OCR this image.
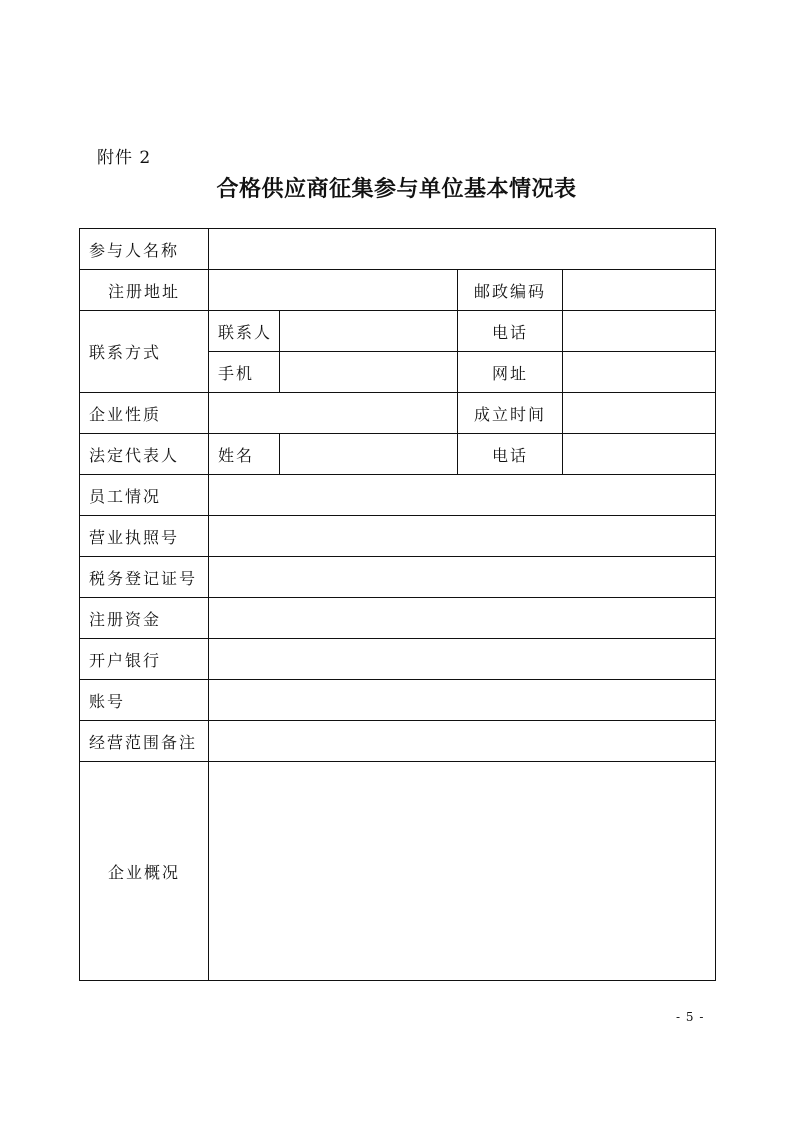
附件 2
合格供应商征集参与单位基本情况表
参与人名称				
注册地址			邮政编码	
联系方式	联系人		电话	
	手机		网址	
企业性质			成立时间	
法定代表人	姓名		电话	
员工情况				
营业执照号				
税务登记证号				
注册资金				
开户银行				
账号				
经营范围备注				
企业概况				
- 5 -
